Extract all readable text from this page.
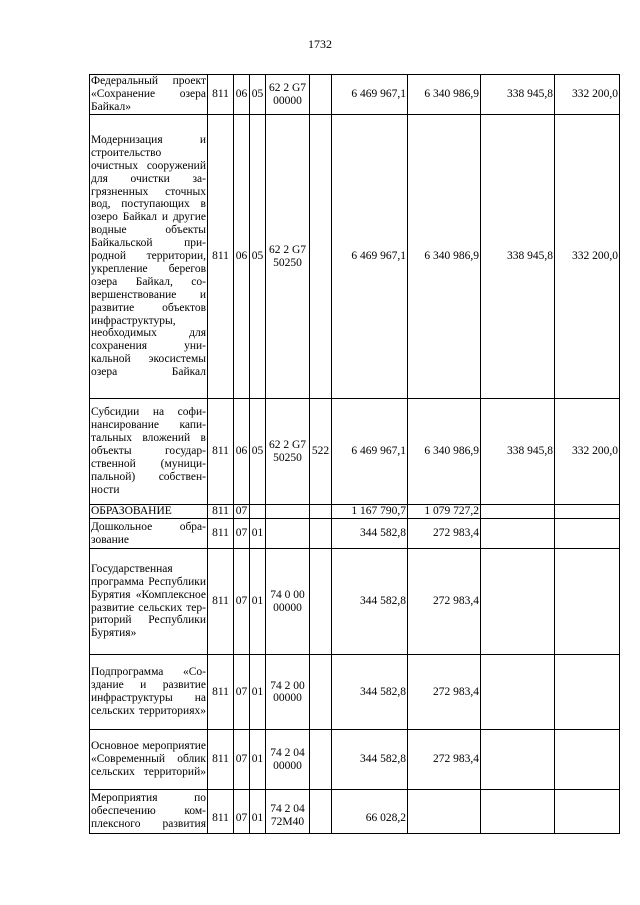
1732
Федеральный проект «Сохранение озера Байкал»	811	06	05	62 2 G7 00000		6 469 967,1	6 340 986,9	338 945,8	332 200,0
Модернизация и строительство очистных сооружений для очистки загрязненных сточных вод, поступающих в озеро Байкал и другие водные объекты Байкальской природной территории, укрепление берегов озера Байкал, совершенствование и развитие объектов инфраструктуры, необходимых для сохранения уникальной экосистемы озера Байкал	811	06	05	62 2 G7 50250		6 469 967,1	6 340 986,9	338 945,8	332 200,0
Субсидии на софинансирование капитальных вложений в объекты государственной (муниципальной) собственности	811	06	05	62 2 G7 50250	522	6 469 967,1	6 340 986,9	338 945,8	332 200,0
ОБРАЗОВАНИЕ	811	07				1 167 790,7	1 079 727,2		
Дошкольное образование	811	07	01			344 582,8	272 983,4		
Государственная программа Республики Бурятия «Комплексное развитие сельских территорий Республики Бурятия»	811	07	01	74 0 00 00000		344 582,8	272 983,4		
Подпрограмма «Создание и развитие инфраструктуры на сельских территориях»	811	07	01	74 2 00 00000		344 582,8	272 983,4		
Основное мероприятие «Современный облик сельских территорий»	811	07	01	74 2 04 00000		344 582,8	272 983,4		
Мероприятия по обеспечению комплексного развития	811	07	01	74 2 04 72M40		66 028,2			
